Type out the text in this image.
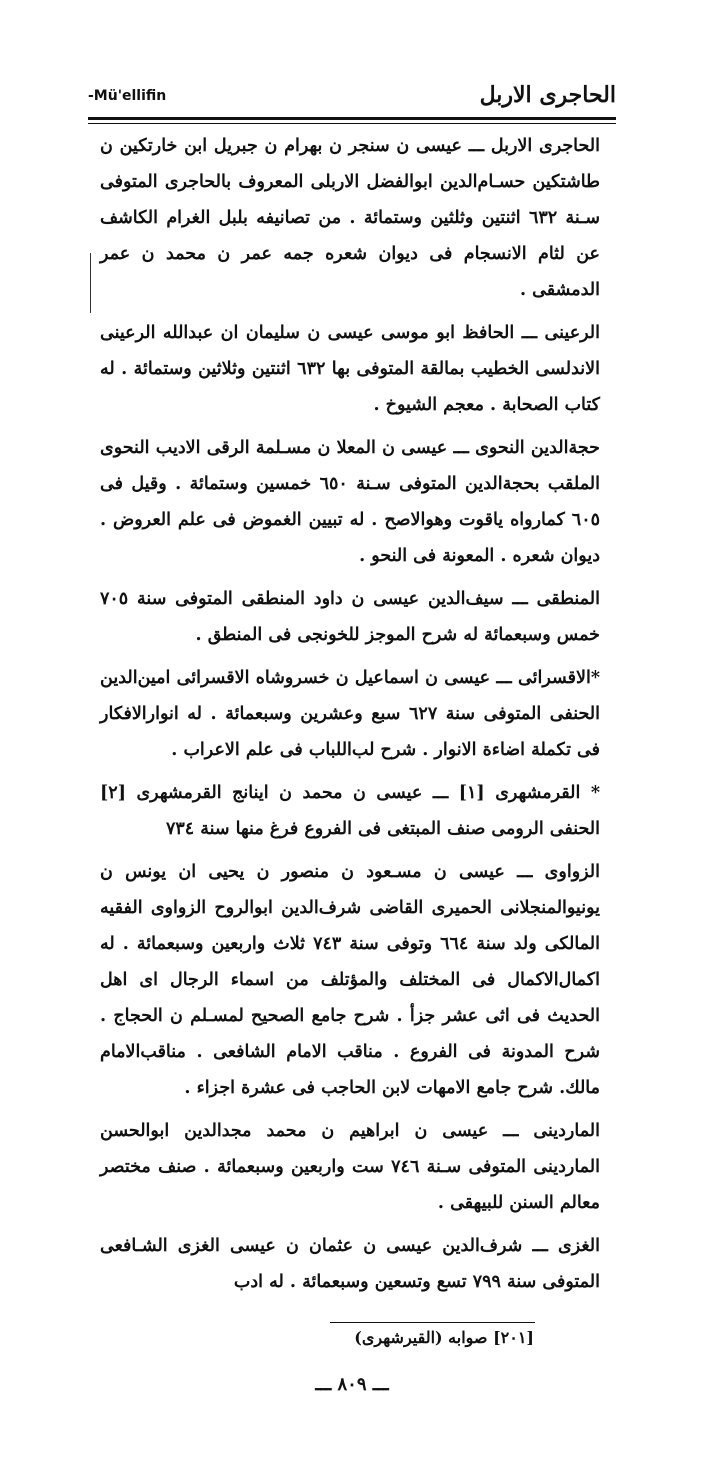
-Mü'ellifin	الحاجرى الاربل

الحاجرى الاربل ـــ عيسى ن سنجر ن بهرام ن جبريل ابن خارتكين ن طاشتكين حسـام‌الدين ابوالفضل الاربلى المعروف بالحاجرى المتوفى سـنة ٦٣٢ اثنتين وثلثين وستمائة . من تصانيفه بلبل الغرام الكاشف عن لثام الانسجام فى ديوان شعره جمه عمر ن محمد ن عمر الدمشقى .

الرعينى ـــ الحافظ ابو موسى عيسى ن سليمان ان عبدالله الرعينى الاندلسى الخطيب بمالقة المتوفى بها ٦٣٢ اثنتين وثلاثين وستمائة . له كتاب الصحابة . معجم الشيوخ .

حجة‌الدين النحوى ـــ عيسى ن المعلا ن مسـلمة الرقى الاديب النحوى الملقب بحجة‌الدين المتوفى سـنة ٦٥٠ خمسين وستمائة . وقيل فى ٦٠٥ كمارواه ياقوت وهوالاصح . له تبيين الغموض فى علم العروض . ديوان شعره . المعونة فى النحو .

المنطقى ـــ سيف‌الدين عيسى ن داود المنطقى المتوفى سنة ٧٠٥ خمس وسبعمائة له شرح الموجز للخونجى فى المنطق .

*الاقسرائى ـــ عيسى ن اسماعيل ن خسروشاه الاقسرائى امين‌الدين الحنفى المتوفى سنة ٦٢٧ سبع وعشرين وسبعمائة . له انوارالافكار فى تكملة اضاءة الانوار . شرح لب‌اللباب فى علم الاعراب .

* القرمشهرى [١] ـــ عيسى ن محمد ن اينانج القرمشهرى [٢] الحنفى الرومى صنف المبتغى فى الفروع فرغ منها سنة ٧٣٤

الزواوى ـــ عيسى ن مسـعود ن منصور ن يحيى ان يونس ن يونيوالمنجلانى الحميرى القاضى شرف‌الدين ابوالروح الزواوى الفقيه المالكى ولد سنة ٦٦٤ وتوفى سنة ٧٤٣ ثلاث واربعين وسبعمائة . له اكمال‌الاكمال فى المختلف والمؤتلف من اسماء الرجال اى اهل الحديث فى اثى عشر جزأ . شرح جامع الصحيح لمسـلم ن الحجاج . شرح المدونة فى الفروع . مناقب الامام الشافعى . مناقب‌الامام مالك. شرح جامع الامهات لابن الحاجب فى عشرة اجزاء .

الماردينى ـــ عيسى ن ابراهيم ن محمد مجدالدين ابوالحسن الماردينى المتوفى سـنة ٧٤٦ ست واربعين وسبعمائة . صنف مختصر معالم السنن للبيهقى .

الغزى ـــ شرف‌الدين عيسى ن عثمان ن عيسى الغزى الشـافعى المتوفى سنة ٧٩٩ تسع وتسعين وسبعمائة . له ادب

[٢٠١] صوابه (القيرشهرى)
ـــ ٨٠٩ ـــ
